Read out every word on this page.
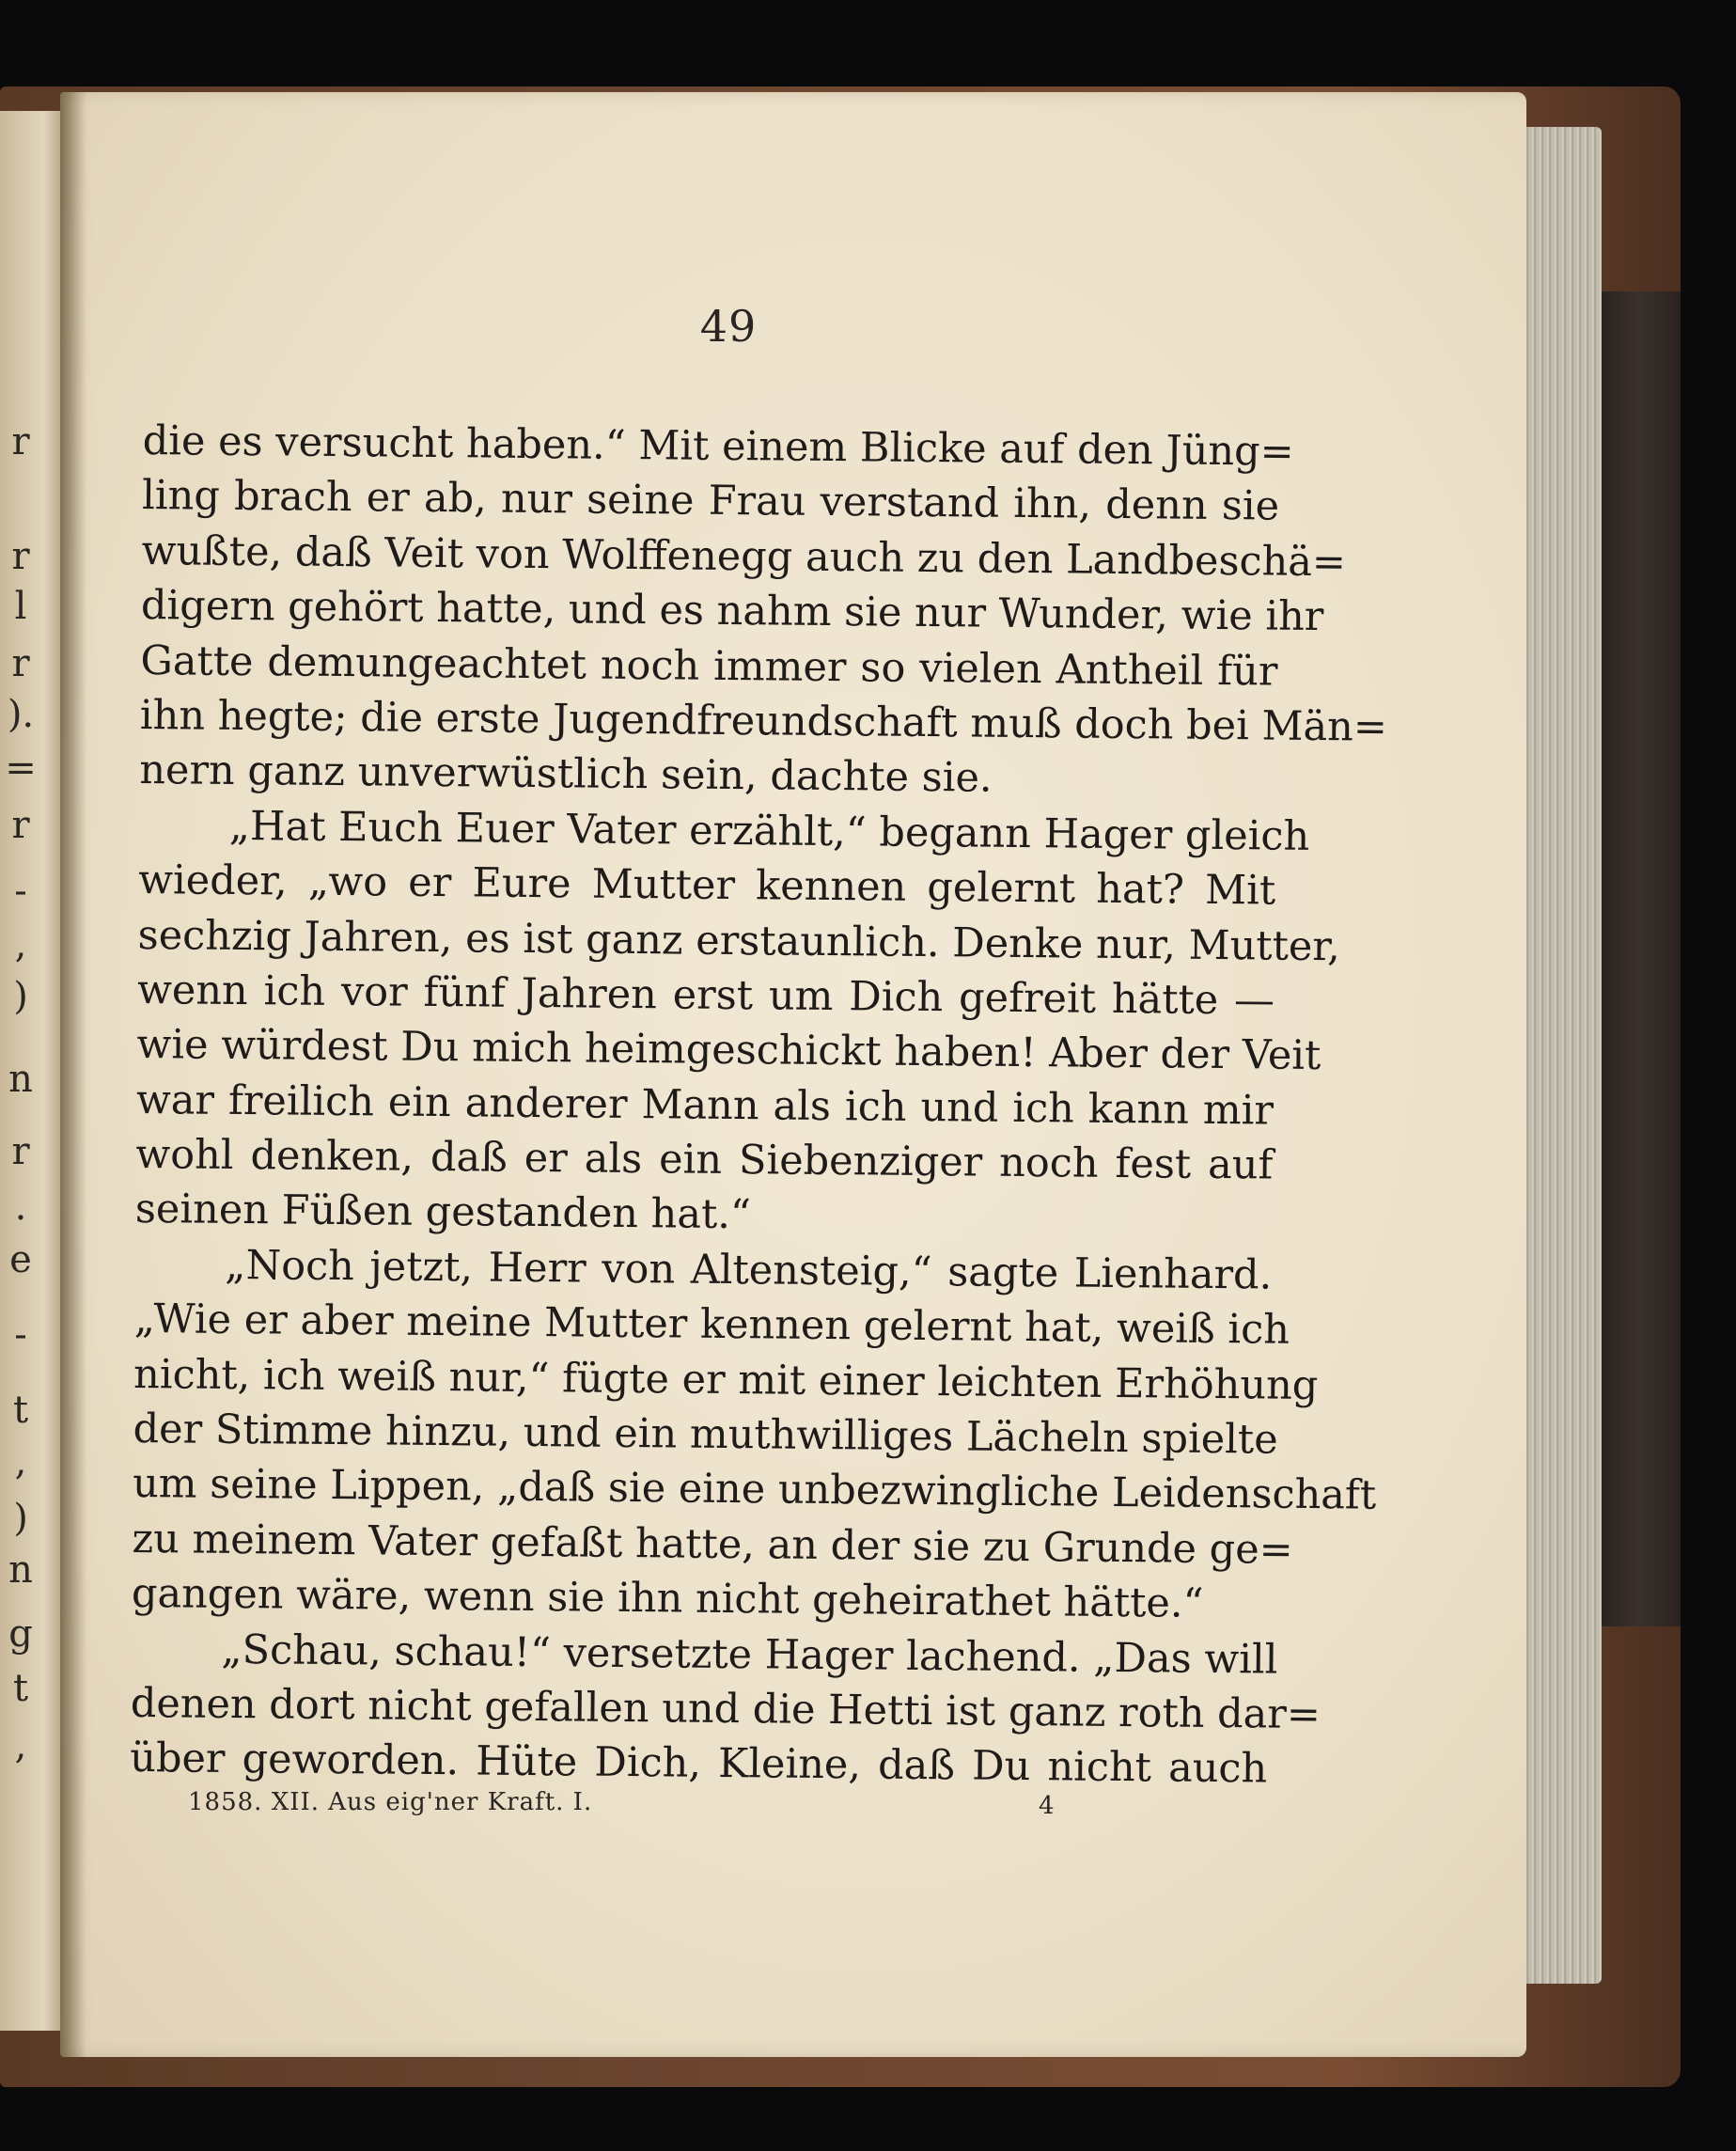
r
r
l
r
).
=
r
-
,
)
n
r
.
e
-
t
,
)
n
g
t
,
49
die es versucht haben.“ Mit einem Blicke auf den Jüng=
ling brach er ab, nur seine Frau verstand ihn, denn sie
wußte, daß Veit von Wolffenegg auch zu den Landbeschä=
digern gehört hatte, und es nahm sie nur Wunder, wie ihr
Gatte demungeachtet noch immer so vielen Antheil für
ihn hegte; die erste Jugendfreundschaft muß doch bei Män=
nern ganz unverwüstlich sein, dachte sie.
„Hat Euch Euer Vater erzählt,“ begann Hager gleich
wieder, „wo er Eure Mutter kennen gelernt hat? Mit
sechzig Jahren, es ist ganz erstaunlich. Denke nur, Mutter,
wenn ich vor fünf Jahren erst um Dich gefreit hätte —
wie würdest Du mich heimgeschickt haben! Aber der Veit
war freilich ein anderer Mann als ich und ich kann mir
wohl denken, daß er als ein Siebenziger noch fest auf
seinen Füßen gestanden hat.“
„Noch jetzt, Herr von Altensteig,“ sagte Lienhard.
„Wie er aber meine Mutter kennen gelernt hat, weiß ich
nicht, ich weiß nur,“ fügte er mit einer leichten Erhöhung
der Stimme hinzu, und ein muthwilliges Lächeln spielte
um seine Lippen, „daß sie eine unbezwingliche Leidenschaft
zu meinem Vater gefaßt hatte, an der sie zu Grunde ge=
gangen wäre, wenn sie ihn nicht geheirathet hätte.“
„Schau, schau!“ versetzte Hager lachend. „Das will
denen dort nicht gefallen und die Hetti ist ganz roth dar=
über geworden. Hüte Dich, Kleine, daß Du nicht auch
1858. XII. Aus eig'ner Kraft. I.	4
